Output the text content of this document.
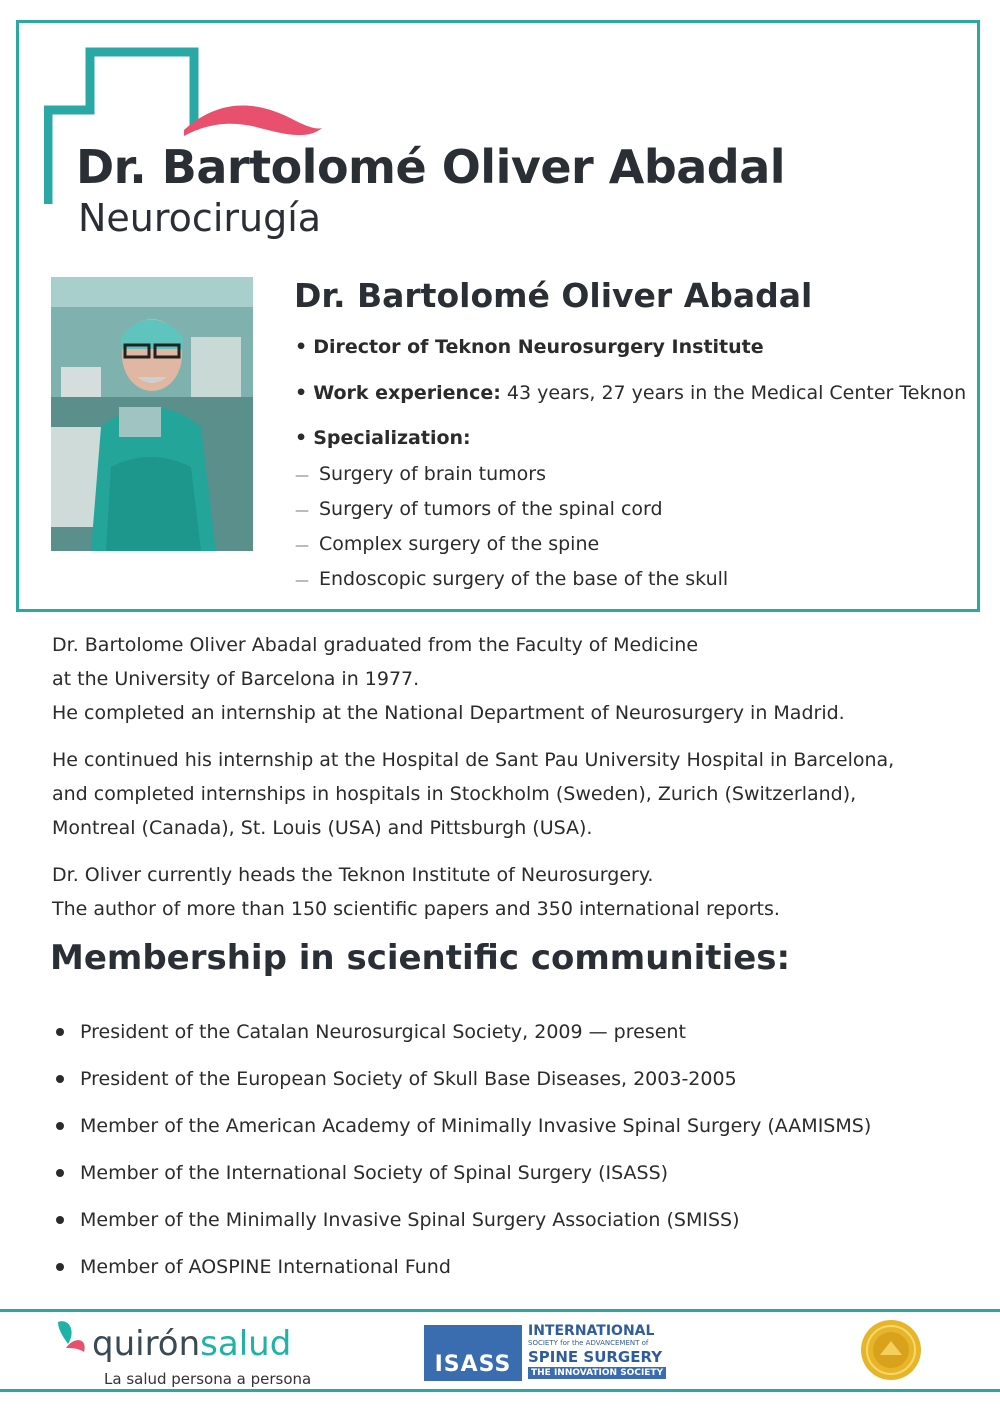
Dr. Bartolomé Oliver Abadal
Neurocirugía
Dr. Bartolomé Oliver Abadal
• Director of Teknon Neurosurgery Institute
• Work experience: 43 years, 27 years in the Medical Center Teknon
• Specialization:
— Surgery of brain tumors
— Surgery of tumors of the spinal cord
— Complex surgery of the spine
— Endoscopic surgery of the base of the skull
Dr. Bartolome Oliver Abadal graduated from the Faculty of Medicine
at the University of Barcelona in 1977.
He completed an internship at the National Department of Neurosurgery in Madrid.
He continued his internship at the Hospital de Sant Pau University Hospital in Barcelona,
and completed internships in hospitals in Stockholm (Sweden), Zurich (Switzerland),
Montreal (Canada), St. Louis (USA) and Pittsburgh (USA).
Dr. Oliver currently heads the Teknon Institute of Neurosurgery.
The author of more than 150 scientific papers and 350 international reports.
Membership in scientific communities:
President of the Catalan Neurosurgical Society, 2009 — present
President of the European Society of Skull Base Diseases, 2003-2005
Member of the American Academy of Minimally Invasive Spinal Surgery (AAMISMS)
Member of the International Society of Spinal Surgery (ISASS)
Member of the Minimally Invasive Spinal Surgery Association (SMISS)
Member of AOSPINE International Fund
quirónsalud
La salud persona a persona
ISASS
INTERNATIONAL
SOCIETY for the ADVANCEMENT of
SPINE SURGERY
THE INNOVATION SOCIETY
